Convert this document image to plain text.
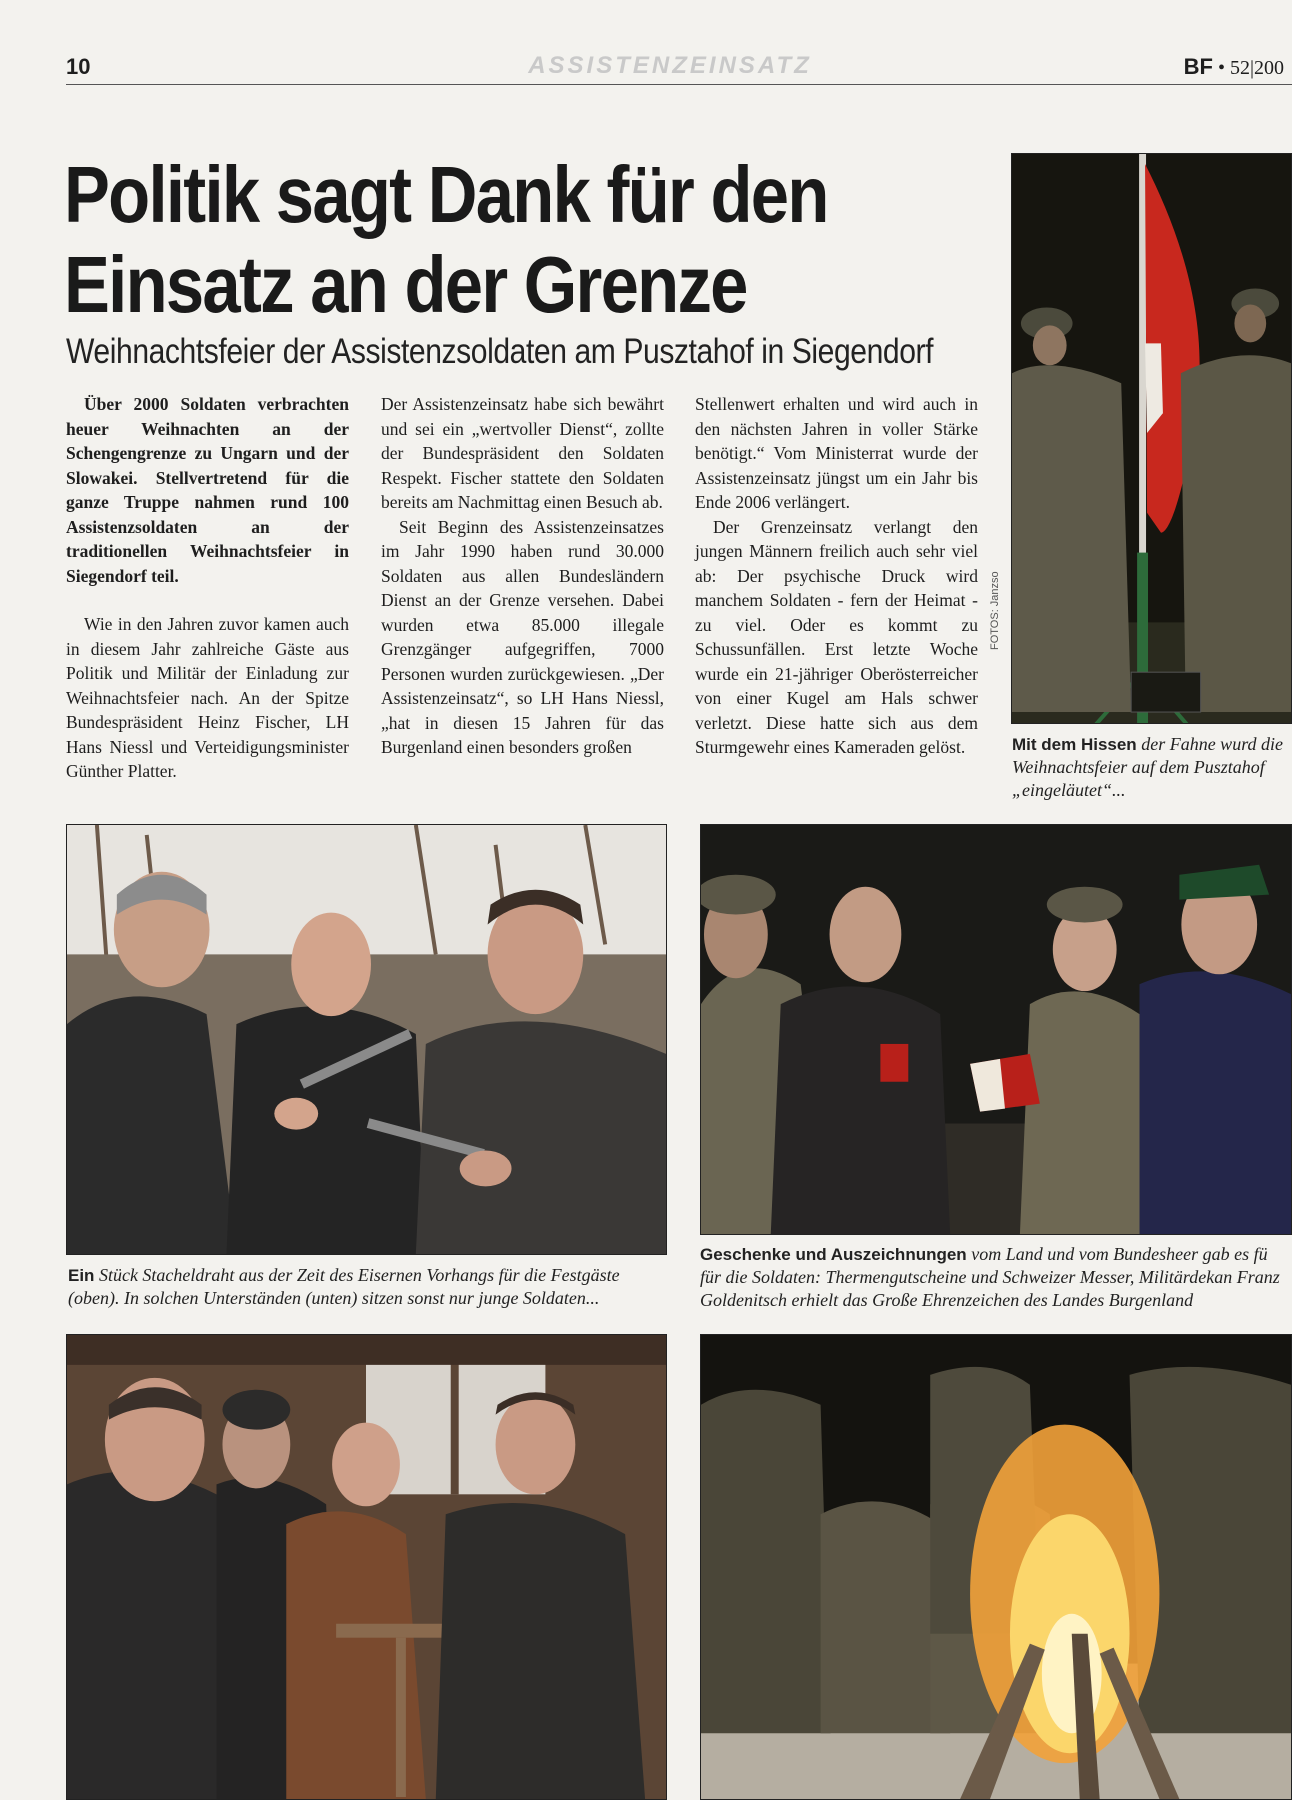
10	ASSISTENZEINSATZ	BF • 52|200
Politik sagt Dank für den
Einsatz an der Grenze
Weihnachtsfeier der Assistenzsoldaten am Pusztahof in Siegendorf

Über 2000 Soldaten verbrachten heuer Weihnachten an der Schengengrenze zu Ungarn und der Slowakei. Stellvertretend für die ganze Truppe nahmen rund 100 Assistenzsoldaten an der traditionellen Weihnachtsfeier in Siegendorf teil.

Wie in den Jahren zuvor kamen auch in diesem Jahr zahlreiche Gäste aus Politik und Militär der Einladung zur Weihnachtsfeier nach. An der Spitze Bundespräsident Heinz Fischer, LH Hans Niessl und Verteidigungsminister Günther Platter.

Der Assistenzeinsatz habe sich bewährt und sei ein „wertvoller Dienst“, zollte der Bundespräsident den Soldaten Respekt. Fischer stattete den Soldaten bereits am Nachmittag einen Besuch ab.

Seit Beginn des Assistenzeinsatzes im Jahr 1990 haben rund 30.000 Soldaten aus allen Bundesländern Dienst an der Grenze versehen. Dabei wurden etwa 85.000 illegale Grenzgänger aufgegriffen, 7000 Personen wurden zurückgewiesen. „Der Assistenzeinsatz“, so LH Hans Niessl, „hat in diesen 15 Jahren für das Burgenland einen besonders großen

Stellenwert erhalten und wird auch in den nächsten Jahren in voller Stärke benötigt.“ Vom Ministerrat wurde der Assistenzeinsatz jüngst um ein Jahr bis Ende 2006 verlängert.

Der Grenzeinsatz verlangt den jungen Männern freilich auch sehr viel ab: Der psychische Druck wird manchem Soldaten - fern der Heimat - zu viel. Oder es kommt zu Schussunfällen. Erst letzte Woche wurde ein 21-jähriger Oberösterreicher von einer Kugel am Hals schwer verletzt. Diese hatte sich aus dem Sturmgewehr eines Kameraden gelöst.

FOTOS: Janzso

Mit dem Hissen der Fahne wurd die Weihnachtsfeier auf dem Pusztahof „eingeläutet“...

Ein Stück Stacheldraht aus der Zeit des Eisernen Vorhangs für die Festgäste (oben). In solchen Unterständen (unten) sitzen sonst nur junge Soldaten...

Geschenke und Auszeichnungen vom Land und vom Bundesheer gab es fü für die Soldaten: Thermengutscheine und Schweizer Messer, Militärdekan Franz Goldenitsch erhielt das Große Ehrenzeichen des Landes Burgenland
